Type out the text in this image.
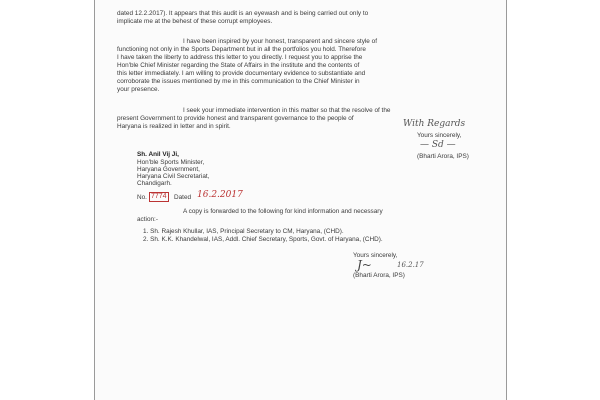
dated 12.2.2017). It appears that this audit is an eyewash and is being carried out only to
implicate me at the behest of these corrupt employees.
I have been inspired by your honest, transparent and sincere style of
functioning not only in the Sports Department but in all the portfolios you hold. Therefore
I have taken the liberty to address this letter to you directly. I request you to apprise the
Hon'ble Chief Minister regarding the State of Affairs in the institute and the contents of
this letter immediately. I am willing to provide documentary evidence to substantiate and
corroborate the issues mentioned by me in this communication to the Chief Minister in
your presence.
I seek your immediate intervention in this matter so that the resolve of the
present Government to provide honest and transparent governance to the people of
Haryana is realized in letter and in spirit.	With Regards
Yours sincerely,
— Sd —
(Bharti Arora, IPS)
Sh. Anil Vij Ji,
Hon'ble Sports Minister,
Haryana Government,
Haryana Civil Secretariat,
Chandigarh.
No. 7774	Dated 16.2.2017
A copy is forwarded to the following for kind information and necessary
action:-
1. Sh. Rajesh Khullar, IAS, Principal Secretary to CM, Haryana, (CHD).
2. Sh. K.K. Khandelwal, IAS, Addl. Chief Secretary, Sports, Govt. of Haryana, (CHD).
Yours sincerely,
J~	16.2.17
(Bharti Arora, IPS)
